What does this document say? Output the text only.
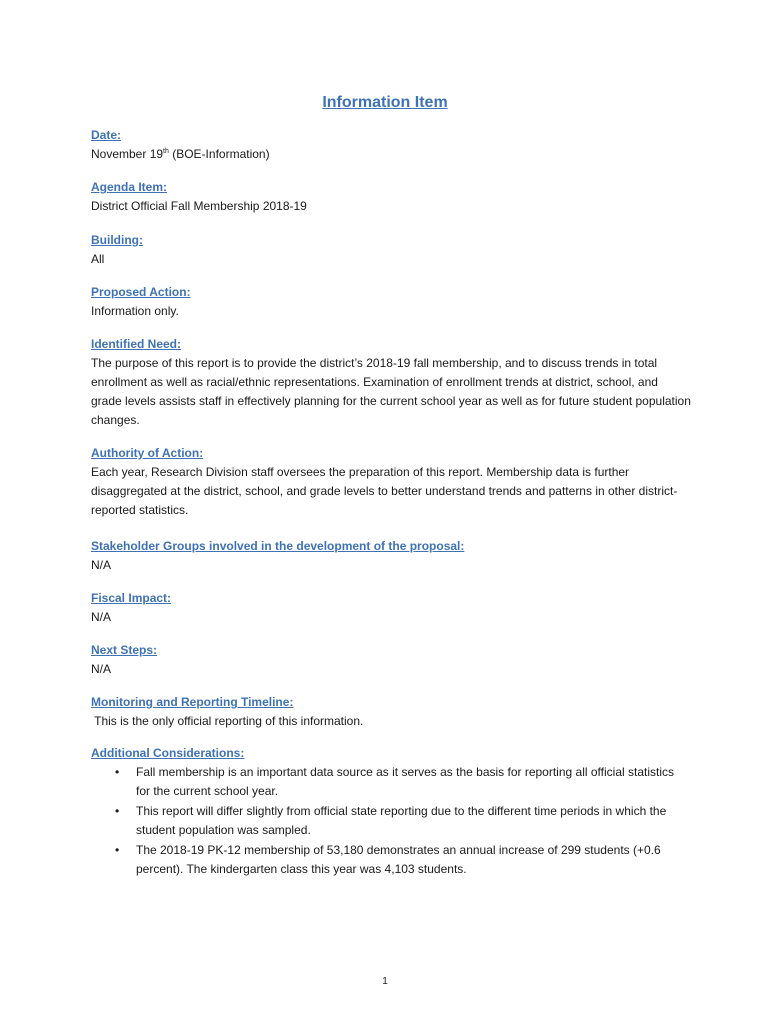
Information Item
Date:
November 19th (BOE-Information)
Agenda Item:
District Official Fall Membership 2018-19
Building:
All
Proposed Action:
Information only.
Identified Need:
The purpose of this report is to provide the district’s 2018-19 fall membership, and to discuss trends in total enrollment as well as racial/ethnic representations. Examination of enrollment trends at district, school, and grade levels assists staff in effectively planning for the current school year as well as for future student population changes.
Authority of Action:
Each year, Research Division staff oversees the preparation of this report. Membership data is further disaggregated at the district, school, and grade levels to better understand trends and patterns in other district-reported statistics.
Stakeholder Groups involved in the development of the proposal:
N/A
Fiscal Impact:
N/A
Next Steps:
N/A
Monitoring and Reporting Timeline:
This is the only official reporting of this information.
Additional Considerations:
• Fall membership is an important data source as it serves as the basis for reporting all official statistics for the current school year.
• This report will differ slightly from official state reporting due to the different time periods in which the student population was sampled.
• The 2018-19 PK-12 membership of 53,180 demonstrates an annual increase of 299 students (+0.6 percent). The kindergarten class this year was 4,103 students.
1
